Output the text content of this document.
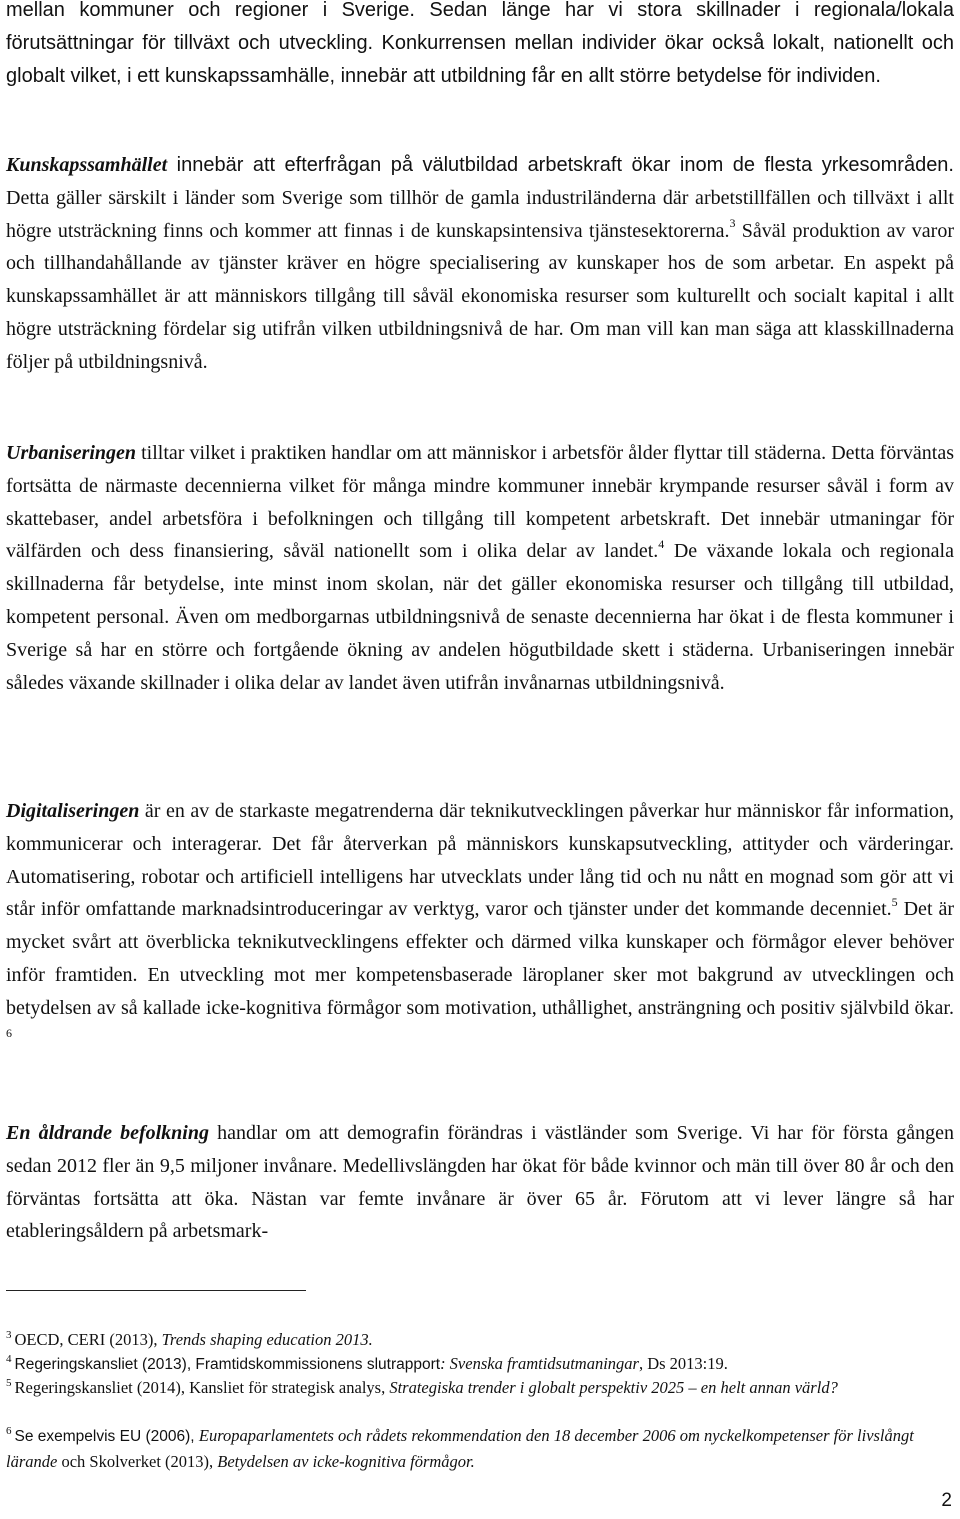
mellan kommuner och regioner i Sverige. Sedan länge har vi stora skillnader i regionala/lokala förutsättningar för tillväxt och utveckling. Konkurrensen mellan individer ökar också lokalt, nationellt och globalt vilket, i ett kunskapssamhälle, innebär att utbildning får en allt större betydelse för individen.

Kunskapssamhället innebär att efterfrågan på välutbildad arbetskraft ökar inom de flesta yrkesområden. Detta gäller särskilt i länder som Sverige som tillhör de gamla industriländerna där arbetstillfällen och tillväxt i allt högre utsträckning finns och kommer att finnas i de kunskapsintensiva tjänstesektorerna.$^3$ Såväl produktion av varor och tillhandahållande av tjänster kräver en högre specialisering av kunskaper hos de som arbetar. En aspekt på kunskapssamhället är att människors tillgång till såväl ekonomiska resurser som kulturellt och socialt kapital i allt högre utsträckning fördelar sig utifrån vilken utbildningsnivå de har. Om man vill kan man säga att klasskillnaderna följer på utbildningsnivå.

Urbaniseringen tilltar vilket i praktiken handlar om att människor i arbetsför ålder flyttar till städerna. Detta förväntas fortsätta de närmaste decennierna vilket för många mindre kommuner innebär krympande resurser såväl i form av skattebaser, andel arbetsföra i befolkningen och tillgång till kompetent arbetskraft. Det innebär utmaningar för välfärden och dess finansiering, såväl nationellt som i olika delar av landet.$^4$ De växande lokala och regionala skillnaderna får betydelse, inte minst inom skolan, när det gäller ekonomiska resurser och tillgång till utbildad, kompetent personal. Även om medborgarnas utbildningsnivå de senaste decennierna har ökat i de flesta kommuner i Sverige så har en större och fortgående ökning av andelen högutbildade skett i städerna. Urbaniseringen innebär således växande skillnader i olika delar av landet även utifrån invånarnas utbildningsnivå.

Digitaliseringen är en av de starkaste megatrenderna där teknikutvecklingen påverkar hur människor får information, kommunicerar och interagerar. Det får återverkan på människors kunskapsutveckling, attityder och värderingar. Automatisering, robotar och artificiell intelligens har utvecklats under lång tid och nu nått en mognad som gör att vi står inför omfattande marknadsintroduceringar av verktyg, varor och tjänster under det kommande decenniet.$^5$ Det är mycket svårt att överblicka teknikutvecklingens effekter och därmed vilka kunskaper och förmågor elever behöver inför framtiden. En utveckling mot mer kompetensbaserade läroplaner sker mot bakgrund av utvecklingen och betydelsen av så kallade icke-kognitiva förmågor som motivation, uthållighet, ansträngning och positiv självbild ökar. $^6$

En åldrande befolkning handlar om att demografin förändras i västländer som Sverige. Vi har för första gången sedan 2012 fler än 9,5 miljoner invånare. Medellivslängden har ökat för både kvinnor och män till över 80 år och den förväntas fortsätta att öka. Nästan var femte invånare är över 65 år. Förutom att vi lever längre så har etableringsåldern på arbetsmark-

$^3$ OECD, CERI (2013), Trends shaping education 2013.
$^4$ Regeringskansliet (2013), Framtidskommissionens slutrapport: Svenska framtidsutmaningar, Ds 2013:19.
$^5$ Regeringskansliet (2014), Kansliet för strategisk analys, Strategiska trender i globalt perspektiv 2025 – en helt annan värld?
$^6$ Se exempelvis EU (2006), Europaparlamentets och rådets rekommendation den 18 december 2006 om nyckelkompetenser för livslångt lärande och Skolverket (2013), Betydelsen av icke-kognitiva förmågor.
2
